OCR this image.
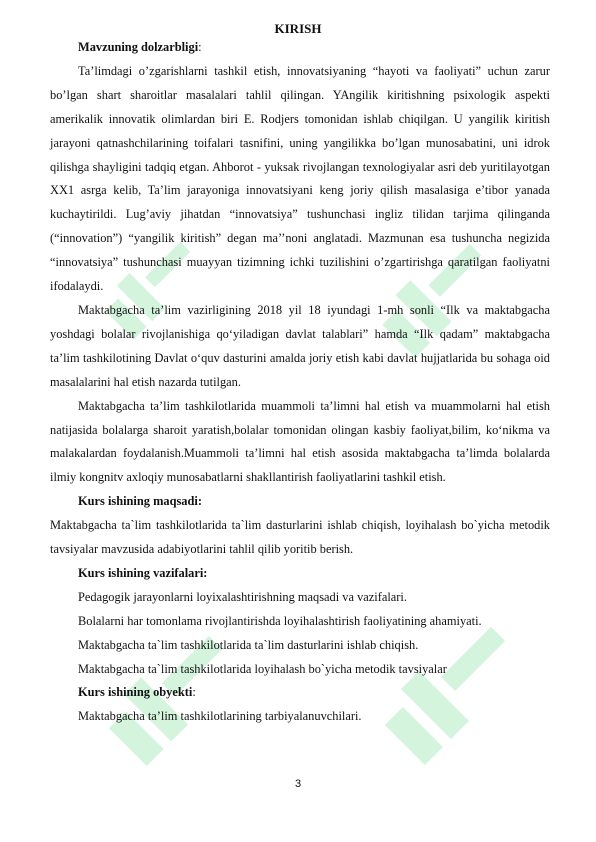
KIRISH

Mavzuning dolzarbligi:

Ta’limdagi o’zgarishlarni tashkil etish, innovatsiyaning “hayoti va faoliyati” uchun zarur bo’lgan shart sharoitlar masalalari tahlil qilingan. YAngilik kiritishning psixologik aspekti amerikalik innovatik olimlardan biri E. Rodjers tomonidan ishlab chiqilgan. U yangilik kiritish jarayoni qatnashchilarining toifalari tasnifini, uning yangilikka bo’lgan munosabatini, uni idrok qilishga shayligini tadqiq etgan. Ahborot - yuksak rivojlangan texnologiyalar asri deb yuritilayotgan XX1 asrga kelib, Ta’lim jarayoniga innovatsiyani keng joriy qilish masalasiga e’tibor yanada kuchaytirildi. Lug’aviy jihatdan “innovatsiya” tushunchasi ingliz tilidan tarjima qilinganda (“innovation”) “yangilik kiritish” degan ma’’noni anglatadi. Mazmunan esa tushuncha negizida “innovatsiya” tushunchasi muayyan tizimning ichki tuzilishini o’zgartirishga qaratilgan faoliyatni ifodalaydi.

Maktabgacha ta’lim vazirligining 2018 yil 18 iyundagi 1-mh sonli “Ilk va maktabgacha yoshdagi bolalar rivojlanishiga qo‘yiladigan davlat talablari” hamda “Ilk qadam” maktabgacha ta’lim tashkilotining Davlat o‘quv dasturini amalda joriy etish kabi davlat hujjatlarida bu sohaga oid masalalarini hal etish nazarda tutilgan.

Maktabgacha ta’lim tashkilotlarida muammoli ta’limni hal etish va muammolarni hal etish natijasida bolalarga sharoit yaratish,bolalar tomonidan olingan kasbiy faoliyat,bilim, ko‘nikma va malakalardan foydalanish.Muammoli ta’limni hal etish asosida maktabgacha ta’limda bolalarda ilmiy kongnitv axloqiy munosabatlarni shakllantirish faoliyatlarini tashkil etish.

Kurs ishining maqsadi:

Maktabgacha ta`lim tashkilotlarida ta`lim dasturlarini ishlab chiqish, loyihalash bo`yicha metodik tavsiyalar mavzusida adabiyotlarini tahlil qilib yoritib berish.

Kurs ishining vazifalari:

Pedagogik jarayonlarni loyixalashtirishning maqsadi va vazifalari.

Bolalarni har tomonlama rivojlantirishda loyihalashtirish faoliyatining ahamiyati.

Maktabgacha ta`lim tashkilotlarida ta`lim dasturlarini ishlab chiqish.

Maktabgacha ta`lim tashkilotlarida loyihalash bo`yicha metodik tavsiyalar

Kurs ishining obyekti:

Maktabgacha ta’lim tashkilotlarining tarbiyalanuvchilari.

3
